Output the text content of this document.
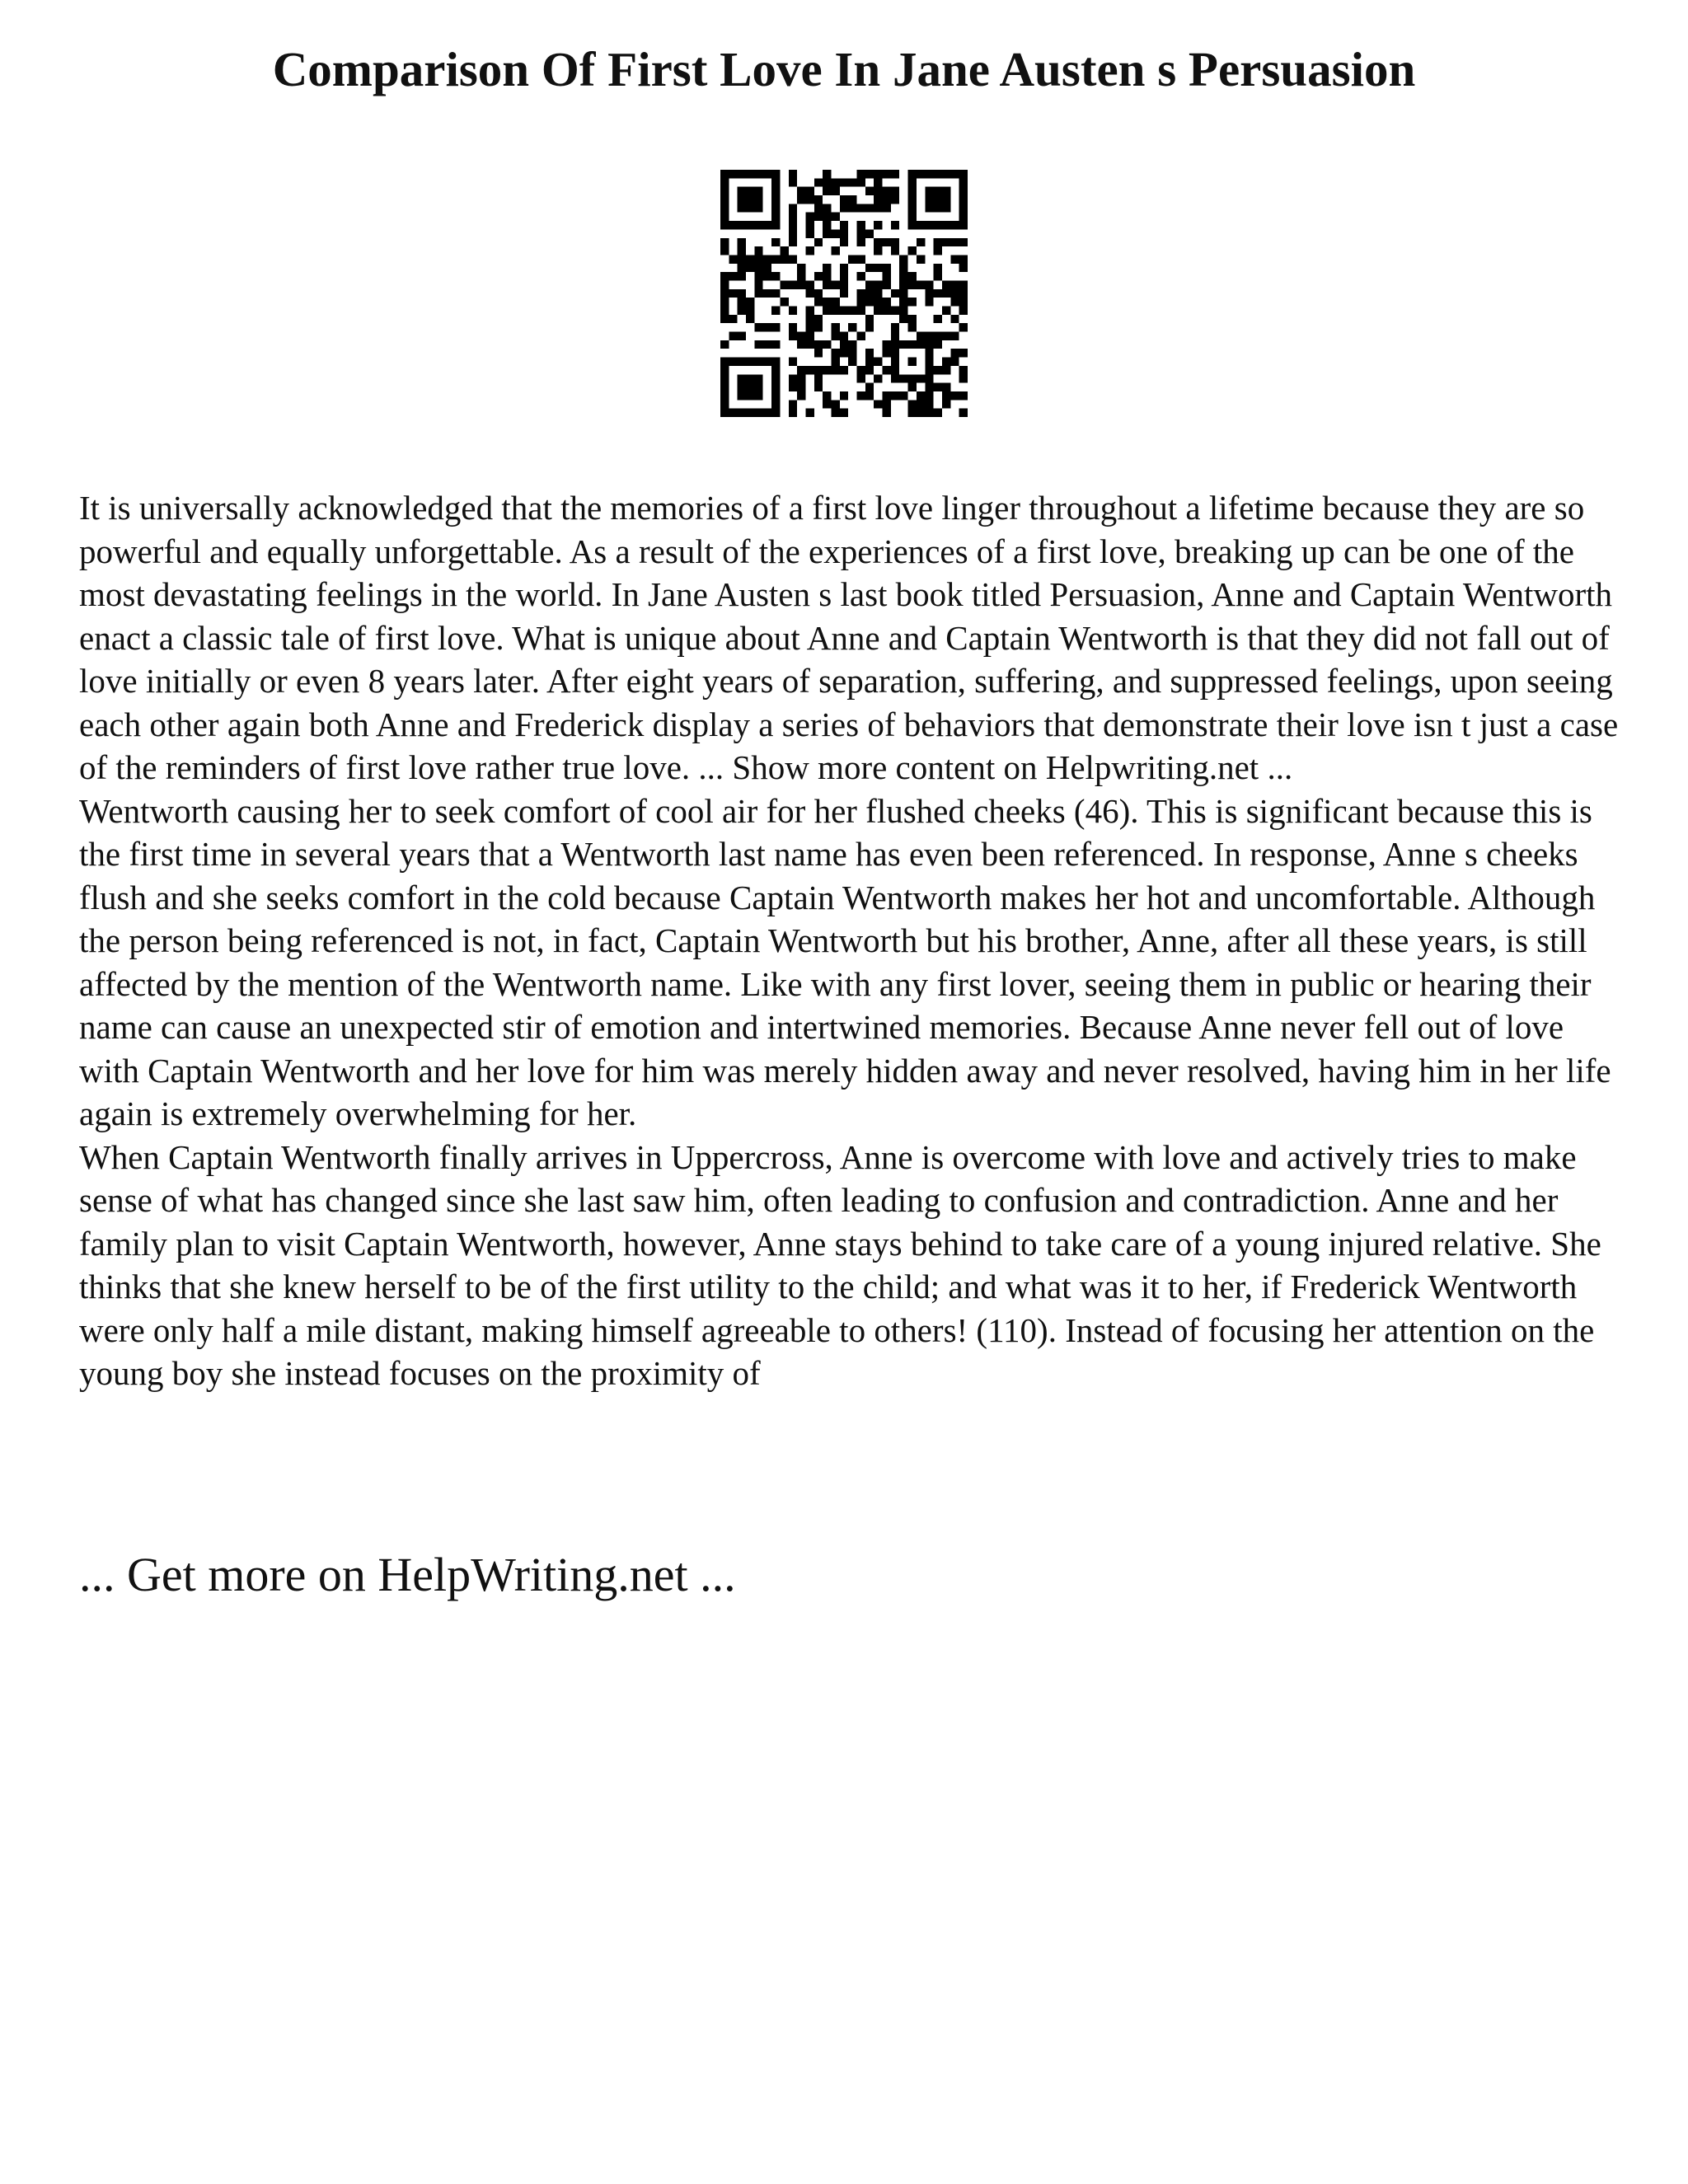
Comparison Of First Love In Jane Austen s Persuasion

It is universally acknowledged that the memories of a first love linger throughout a lifetime because they are so powerful and equally unforgettable. As a result of the experiences of a first love, breaking up can be one of the most devastating feelings in the world. In Jane Austen s last book titled Persuasion, Anne and Captain Wentworth enact a classic tale of first love. What is unique about Anne and Captain Wentworth is that they did not fall out of love initially or even 8 years later. After eight years of separation, suffering, and suppressed feelings, upon seeing each other again both Anne and Frederick display a series of behaviors that demonstrate their love isn t just a case of the reminders of first love rather true love. ... Show more content on Helpwriting.net ...

Wentworth causing her to seek comfort of cool air for her flushed cheeks (46). This is significant because this is the first time in several years that a Wentworth last name has even been referenced. In response, Anne s cheeks flush and she seeks comfort in the cold because Captain Wentworth makes her hot and uncomfortable. Although the person being referenced is not, in fact, Captain Wentworth but his brother, Anne, after all these years, is still affected by the mention of the Wentworth name. Like with any first lover, seeing them in public or hearing their name can cause an unexpected stir of emotion and intertwined memories. Because Anne never fell out of love with Captain Wentworth and her love for him was merely hidden away and never resolved, having him in her life again is extremely overwhelming for her.

When Captain Wentworth finally arrives in Uppercross, Anne is overcome with love and actively tries to make sense of what has changed since she last saw him, often leading to confusion and contradiction. Anne and her family plan to visit Captain Wentworth, however, Anne stays behind to take care of a young injured relative. She thinks that she knew herself to be of the first utility to the child; and what was it to her, if Frederick Wentworth were only half a mile distant, making himself agreeable to others! (110). Instead of focusing her attention on the young boy she instead focuses on the proximity of

... Get more on HelpWriting.net ...
